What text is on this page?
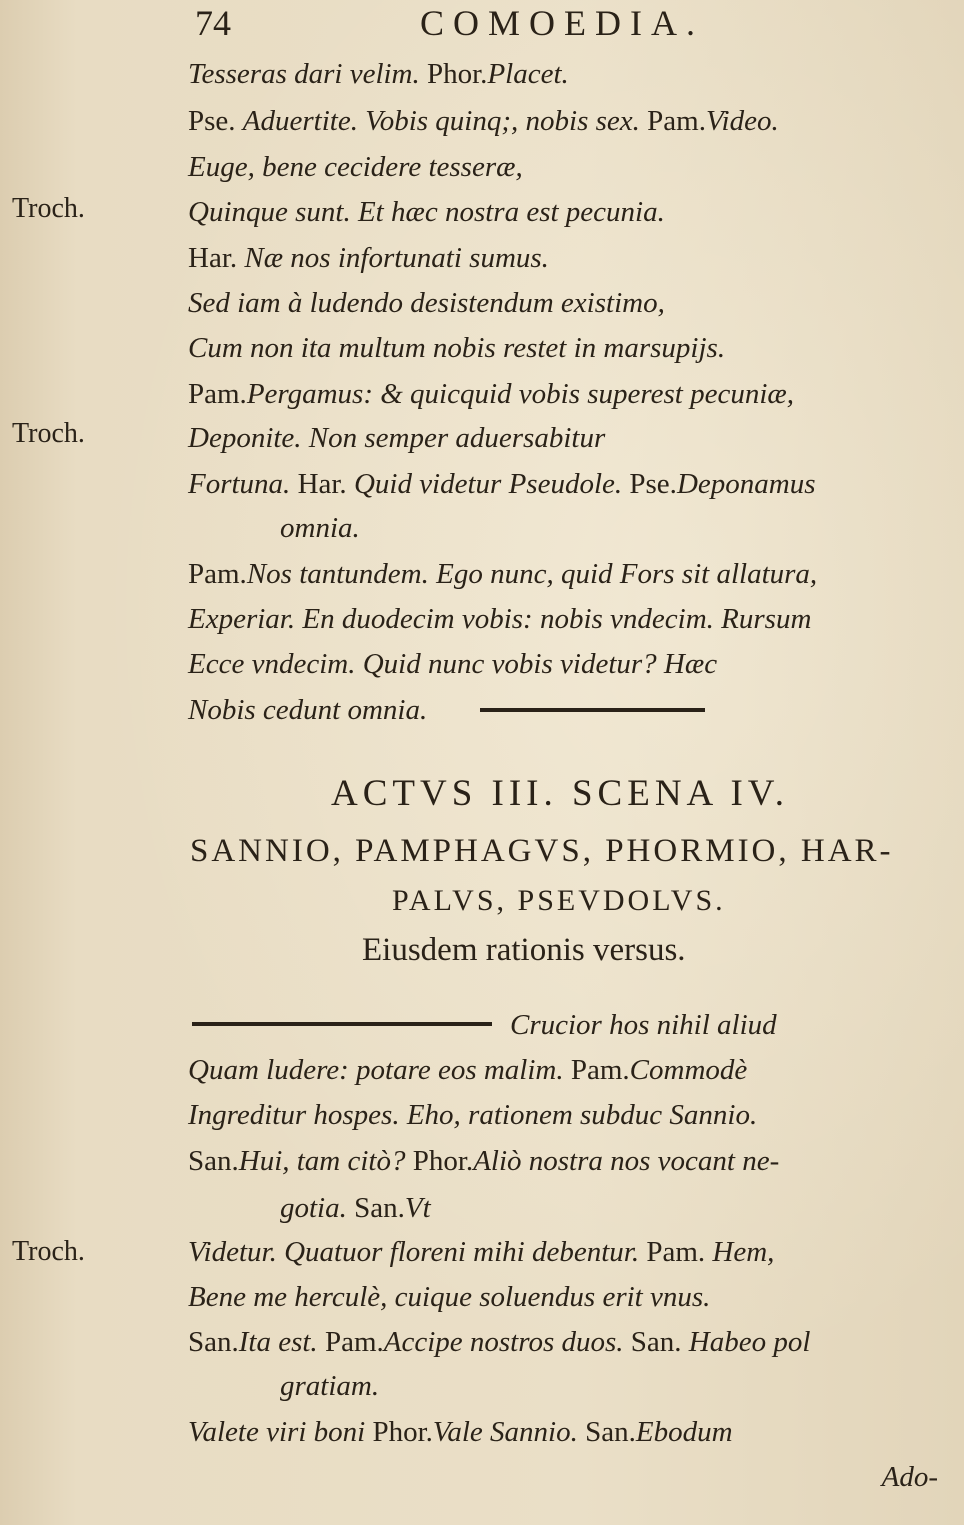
74	COMOEDIA.
Troch.
Troch.
Troch.
Tesseras dari velim. Phor.Placet.
Pse. Aduertite. Vobis quinq;, nobis sex. Pam.Video.
Euge, bene cecidere tesseræ,
Quinque sunt. Et hæc nostra est pecunia.
Har. Næ nos infortunati sumus.
Sed iam à ludendo desistendum existimo,
Cum non ita multum nobis restet in marsupijs.
Pam.Pergamus: & quicquid vobis superest pecuniæ,
Deponite. Non semper aduersabitur
Fortuna. Har. Quid videtur Pseudole. Pse.Deponamus
omnia.
Pam.Nos tantundem. Ego nunc, quid Fors sit allatura,
Experiar. En duodecim vobis: nobis vndecim. Rursum
Ecce vndecim. Quid nunc vobis videtur? Hæc
Nobis cedunt omnia.
ACTVS III. SCENA IV.
SANNIO, PAMPHAGVS, PHORMIO, HAR-
PALVS, PSEVDOLVS.
Eiusdem rationis versus.
Crucior hos nihil aliud
Quam ludere: potare eos malim. Pam.Commodè
Ingreditur hospes. Eho, rationem subduc Sannio.
San.Hui, tam citò? Phor.Aliò nostra nos vocant ne-
gotia. San.Vt
Videtur. Quatuor floreni mihi debentur. Pam. Hem,
Bene me herculè, cuique soluendus erit vnus.
San.Ita est. Pam.Accipe nostros duos. San. Habeo pol
gratiam.
Valete viri boni Phor.Vale Sannio. San.Ebodum
Ado-
